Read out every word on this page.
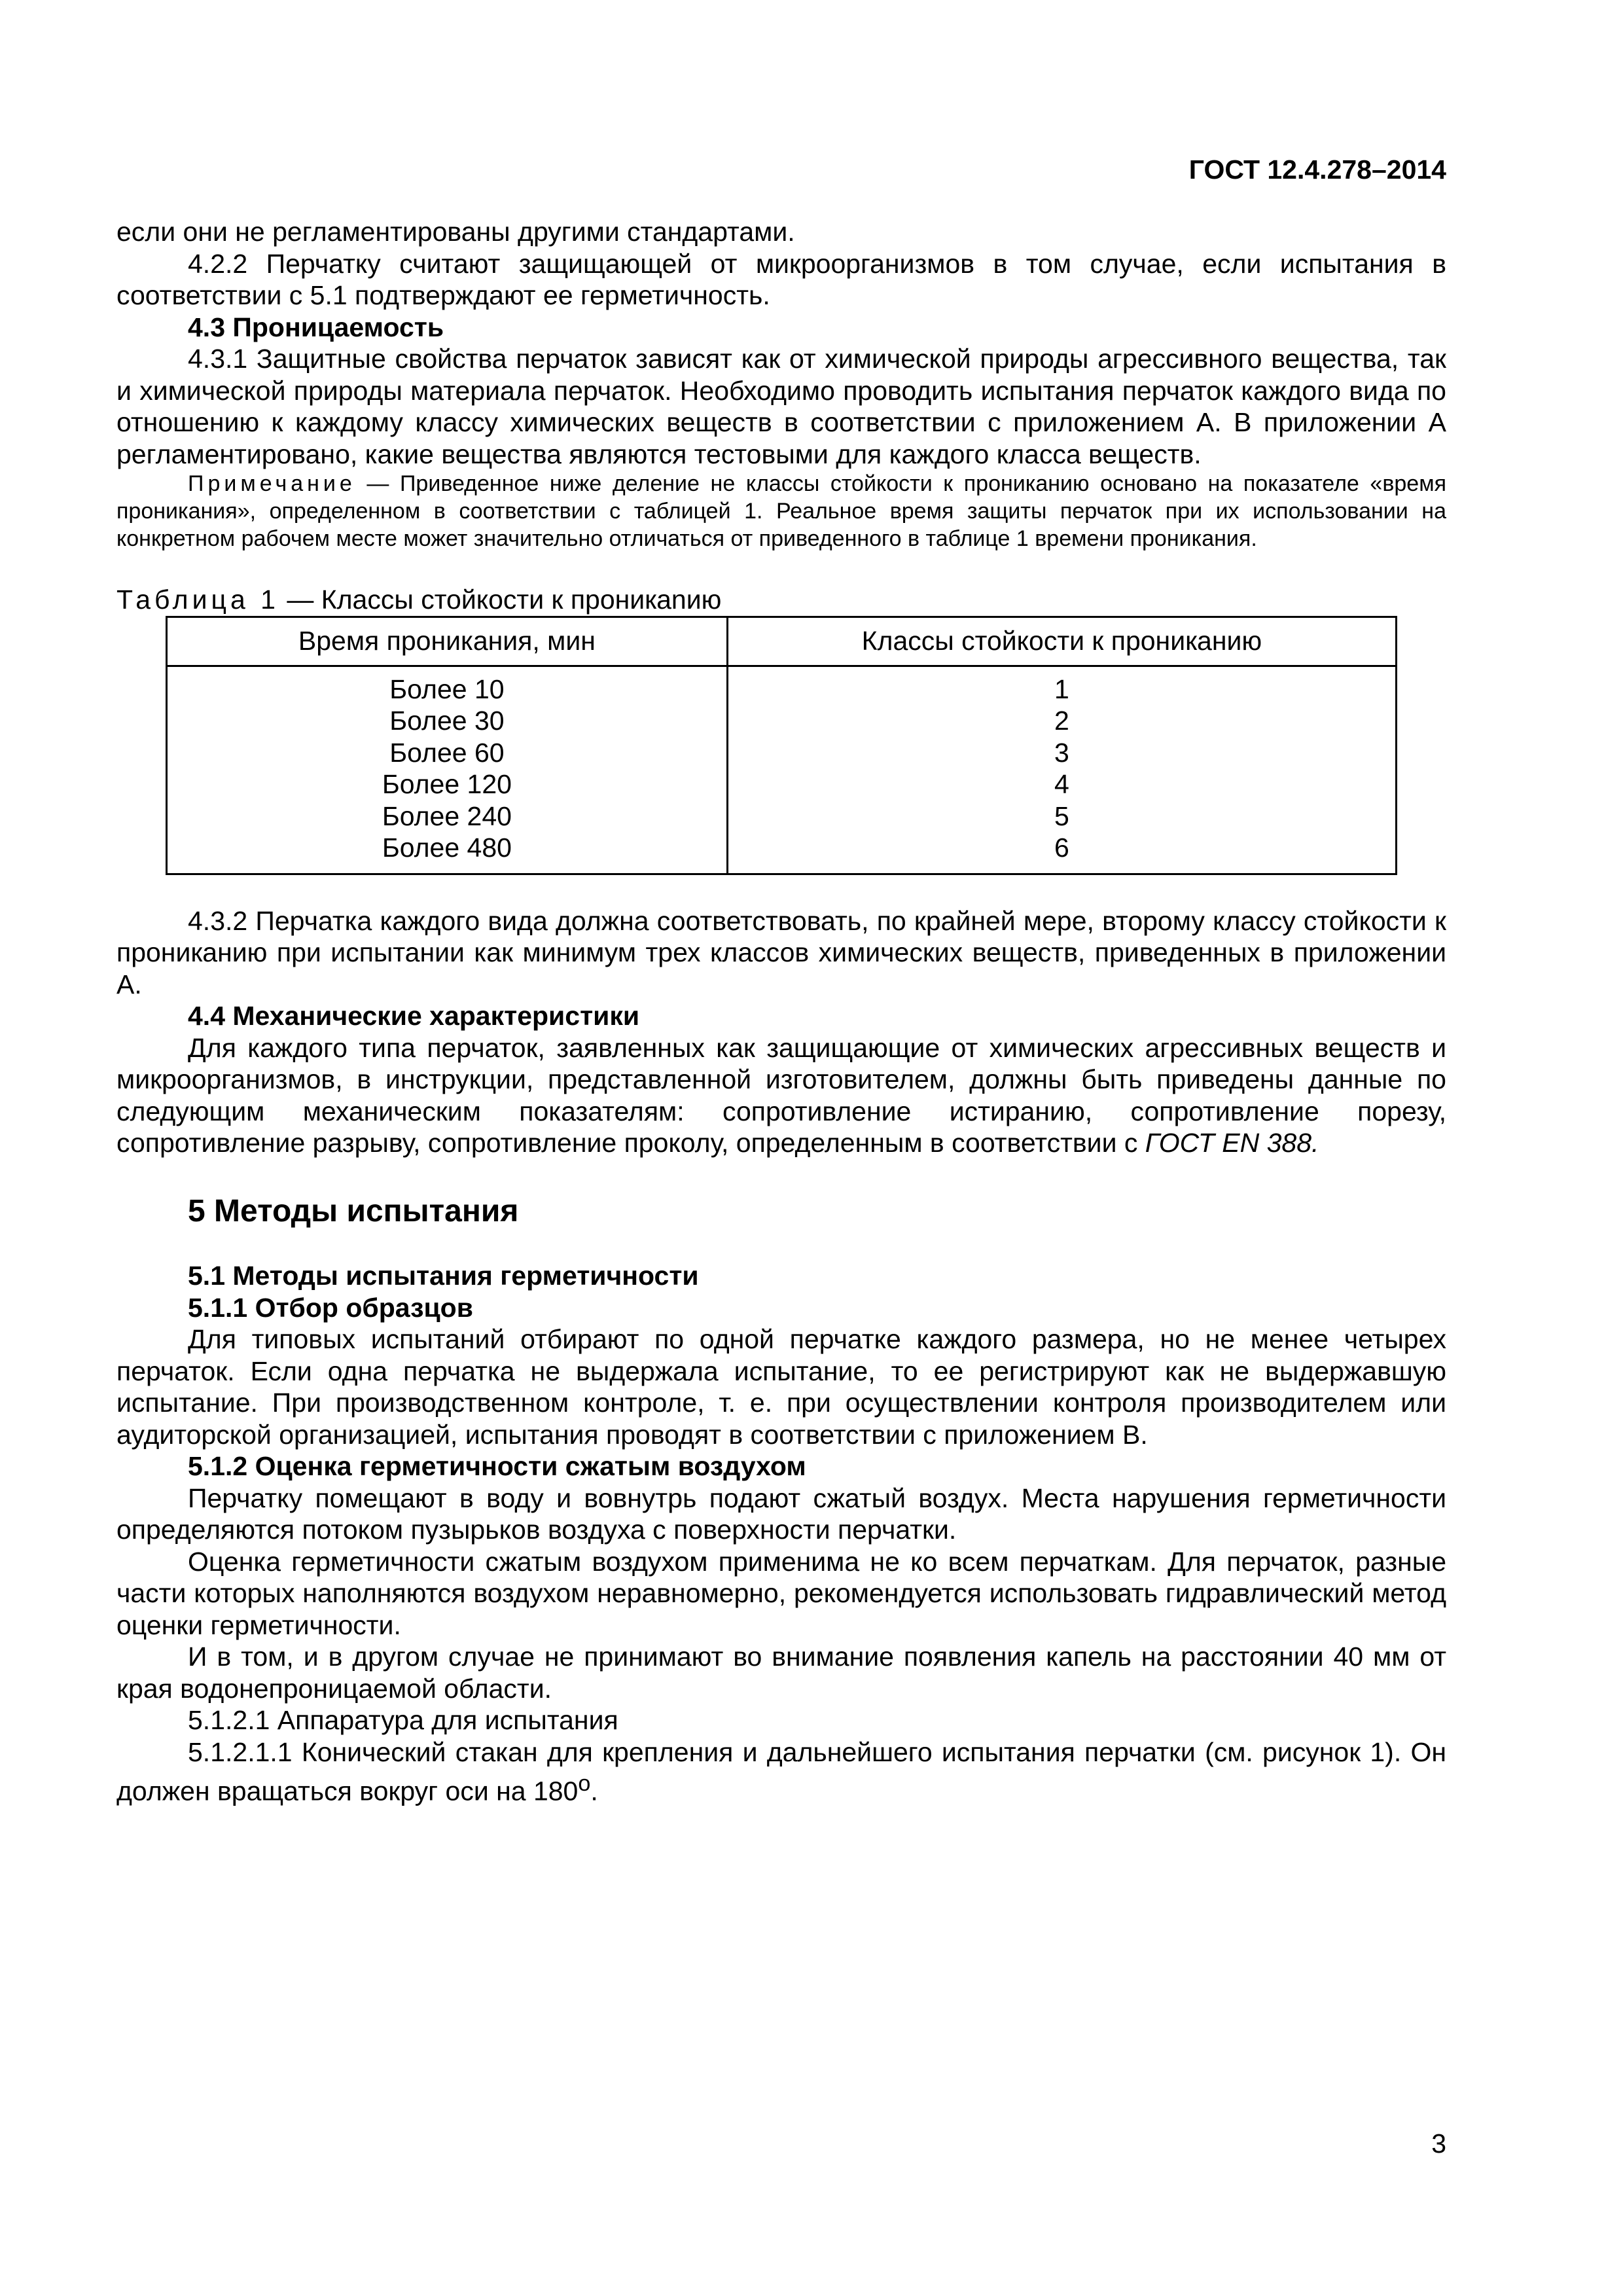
ГОСТ 12.4.278–2014

если они не регламентированы другими стандартами.

4.2.2 Перчатку считают защищающей от микроорганизмов в том случае, если испытания в соответствии с 5.1 подтверждают ее герметичность.

4.3 Проницаемость

4.3.1 Защитные свойства перчаток зависят как от химической природы агрессивного вещества, так и химической природы материала перчаток. Необходимо проводить испытания перчаток каждого вида по отношению к каждому классу химических веществ в соответствии с приложением А. В приложении А регламентировано, какие вещества являются тестовыми для каждого класса веществ.

Примечание — Приведенное ниже деление не классы стойкости к прониканию основано на показателе «время проникания», определенном в соответствии с таблицей 1. Реальное время защиты перчаток при их использовании на конкретном рабочем месте может значительно отличаться от приведенного в таблице 1 времени проникания.

Таблица 1 — Классы стойкости к проникanию

Время проникания, мин	Классы стойкости к проникaнию
Более 10	1
Более 30	2
Более 60	3
Более 120	4
Более 240	5
Более 480	6

4.3.2 Перчатка каждого вида должна соответствовать, по крайней мере, второму классу стойкости к проникaнию при испытании как минимум трех классов химических веществ, приведенных в приложении А.

4.4 Механические характеристики

Для каждого типа перчаток, заявленных как защищающие от химических агрессивных веществ и микроорганизмов, в инструкции, представленной изготовителем, должны быть приведены данные по следующим механическим показателям: сопротивление истиранию, сопротивление порезу, сопротивление разрыву, сопротивление проколу, определенным в соответствии с ГОСТ EN 388.

5 Методы испытания

5.1 Методы испытания герметичности

5.1.1 Отбор образцов

Для типовых испытаний отбирают по одной перчатке каждого размера, но не менее четырех перчаток. Если одна перчатка не выдержала испытание, то ее регистрируют как не выдержавшую испытание. При производственном контроле, т. е. при осуществлении контроля производителем или аудиторской организацией, испытания проводят в соответствии с приложением В.

5.1.2 Оценка герметичности сжатым воздухом

Перчатку помещают в воду и вовнутрь подают сжатый воздух. Места нарушения герметичности определяются потоком пузырьков воздуха с поверхности перчатки.

Оценка герметичности сжатым воздухом применима не ко всем перчаткам. Для перчаток, разные части которых наполняются воздухом неравномерно, рекомендуется использовать гидравлический метод оценки герметичности.

И в том, и в другом случае не принимают во внимание появления капель на расстоянии 40 мм от края водонепроницаемой области.

5.1.2.1 Аппаратура для испытания

5.1.2.1.1 Конический стакан для крепления и дальнейшего испытания перчатки (см. рисунок 1). Он должен вращаться вокруг оси на $180^о$.

3
